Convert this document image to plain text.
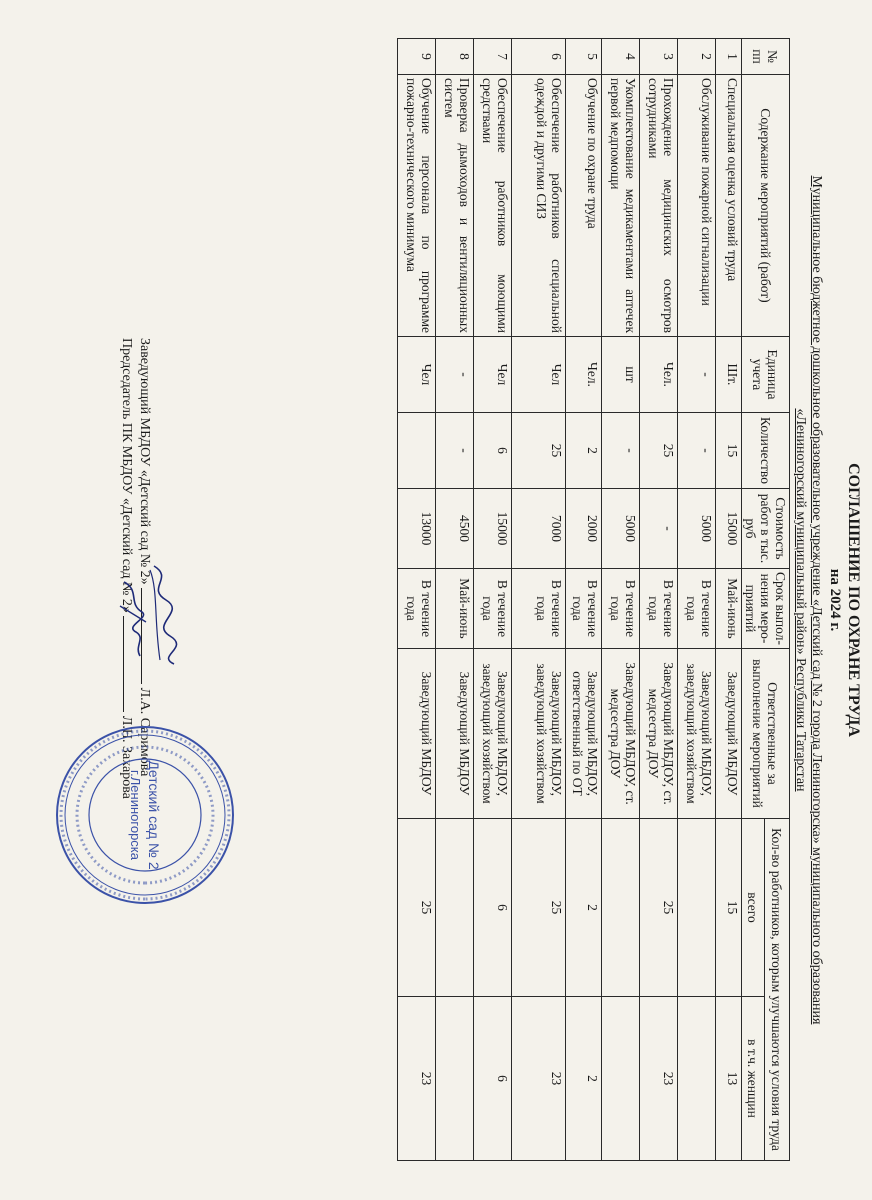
СОГЛАШЕНИЕ ПО ОХРАНЕ ТРУДА
на 2024 г.
Муниципальное бюджетное дошкольное образовательное учреждение «Детский сад № 2 города Лениногорска» муниципального образования
«Лениногорский муниципальный район» Республики Татарстан
№ пп	Содержание мероприятий (работ)	Единица учета	Количество	Стоимость работ в тыс. руб	Срок выпол-нения меро-приятий	Ответственные за выполнение мероприятий	Кол-во работников, которым улучшаются условия труда	
							всего	в т.ч. женщин
1	Специальная оценка условий труда	Шт.	15	15000	Май-июнь	Заведующий МБДОУ	15	13
2	Обслуживание пожарной сигнализации	-	-	5000	В течение года	Заведующий МБДОУ, заведующий хозяйством		
3	Прохождение медицинских осмотров сотрудниками	Чел.	25	-	В течение года	Заведующий МБДОУ, ст. медсестра ДОУ	25	23
4	Укомплектование медикаментами аптечек первой медпомощи	шт	-	5000	В течение года	Заведующий МБДОУ, ст. медсестра ДОУ		
5	Обучение по охране труда	Чел.	2	2000	В течение года	Заведующий МБДОУ, ответственный по ОТ	2	2
6	Обеспечение работников специальной одеждой и другими СИЗ	Чел	25	7000	В течение года	Заведующий МБДОУ, заведующий хозяйством	25	23
7	Обеспечение работников моющими средствами	Чел	6	15000	В течение года	Заведующий МБДОУ, заведующий хозяйством	6	6
8	Проверка дымоходов и вентиляционных систем	-	-	4500	Май-июнь	Заведующий МБДОУ		
9	Обучение персонала по программе пожарно-технического минимума	Чел		13000	В течение года	Заведующий МБДОУ	25	23
Заведующий МБДОУ «Детский сад № 2»  Л.А. Саримова
Председатель ПК МБДОУ «Детский сад № 2»  Л.Н. Захарова
Детский сад № 2
г.Лениногорска
